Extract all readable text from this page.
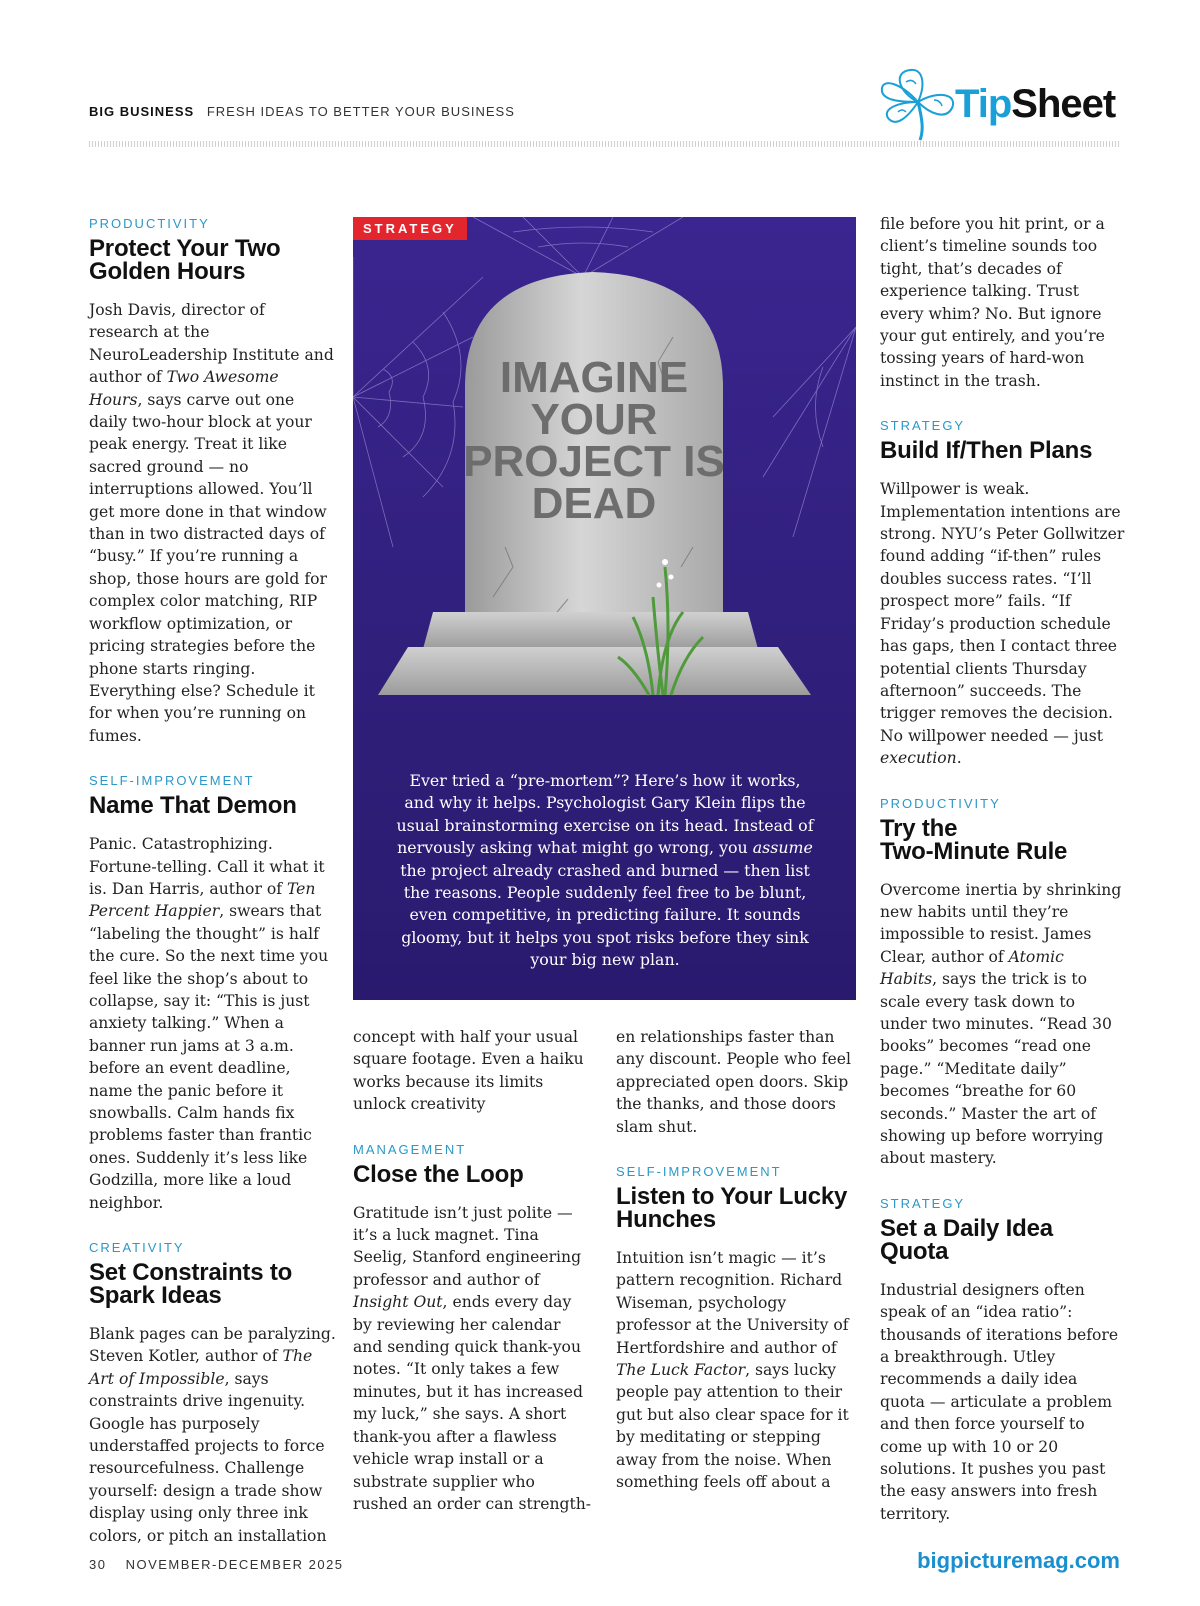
BIG BUSINESS FRESH IDEAS TO BETTER YOUR BUSINESS	TipSheet
PRODUCTIVITY
Protect Your Two
Golden Hours

Josh Davis, director of research at the NeuroLeadership Institute and author of Two Awesome Hours, says carve out one daily two-hour block at your peak energy. Treat it like sacred ground — no interruptions allowed. You’ll get more done in that window than in two distracted days of “busy.” If you’re running a shop, those hours are gold for complex color matching, RIP workflow optimization, or pricing strategies before the phone starts ringing. Everything else? Schedule it for when you’re running on fumes.

SELF-IMPROVEMENT
Name That Demon

Panic. Catastrophizing. Fortune-telling. Call it what it is. Dan Harris, author of Ten Percent Happier, swears that “labeling the thought” is half the cure. So the next time you feel like the shop’s about to collapse, say it: “This is just anxiety talking.” When a banner run jams at 3 a.m. before an event deadline, name the panic before it snowballs. Calm hands fix problems faster than frantic ones. Suddenly it’s less like Godzilla, more like a loud neighbor.

CREATIVITY
Set Constraints to
Spark Ideas

Blank pages can be paralyzing. Steven Kotler, author of The Art of Impossible, says constraints drive ingenuity. Google has purposely understaffed projects to force resourcefulness. Challenge yourself: design a trade show display using only three ink colors, or pitch an installation

IMAGINE
YOUR
PROJECT IS
DEAD
STRATEGY
Ever tried a “pre-mortem”? Here’s how it works, and why it helps. Psychologist Gary Klein flips the usual brainstorming exercise on its head. Instead of nervously asking what might go wrong, you assume the project already crashed and burned — then list the reasons. People suddenly feel free to be blunt, even competitive, in predicting failure. It sounds gloomy, but it helps you spot risks before they sink your big new plan.

concept with half your usual square footage. Even a haiku works because its limits unlock creativity

MANAGEMENT
Close the Loop

Gratitude isn’t just polite — it’s a luck magnet. Tina Seelig, Stanford engineering professor and author of Insight Out, ends every day by reviewing her calendar and sending quick thank-you notes. “It only takes a few minutes, but it has increased my luck,” she says. A short thank-you after a flawless vehicle wrap install or a substrate supplier who rushed an order can strength-

en relationships faster than any discount. People who feel appreciated open doors. Skip the thanks, and those doors slam shut.

SELF-IMPROVEMENT
Listen to Your Lucky
Hunches

Intuition isn’t magic — it’s pattern recognition. Richard Wiseman, psychology professor at the University of Hertfordshire and author of The Luck Factor, says lucky people pay attention to their gut but also clear space for it by meditating or stepping away from the noise. When something feels off about a

file before you hit print, or a client’s timeline sounds too tight, that’s decades of experience talking. Trust every whim? No. But ignore your gut entirely, and you’re tossing years of hard-won instinct in the trash.

STRATEGY
Build If/Then Plans

Willpower is weak. Implementation intentions are strong. NYU’s Peter Gollwitzer found adding “if-then” rules doubles success rates. “I’ll prospect more” fails. “If Friday’s production schedule has gaps, then I contact three potential clients Thursday afternoon” succeeds. The trigger removes the decision. No willpower needed — just execution.

PRODUCTIVITY
Try the
Two-Minute Rule

Overcome inertia by shrinking new habits until they’re impossible to resist. James Clear, author of Atomic Habits, says the trick is to scale every task down to under two minutes. “Read 30 books” becomes “read one page.” “Meditate daily” becomes “breathe for 60 seconds.” Master the art of showing up before worrying about mastery.

STRATEGY
Set a Daily Idea
Quota

Industrial designers often speak of an “idea ratio”: thousands of iterations before a breakthrough. Utley recommends a daily idea quota — articulate a problem and then force yourself to come up with 10 or 20 solutions. It pushes you past the easy answers into fresh territory.

30 NOVEMBER-DECEMBER 2025	bigpicturemag.com
